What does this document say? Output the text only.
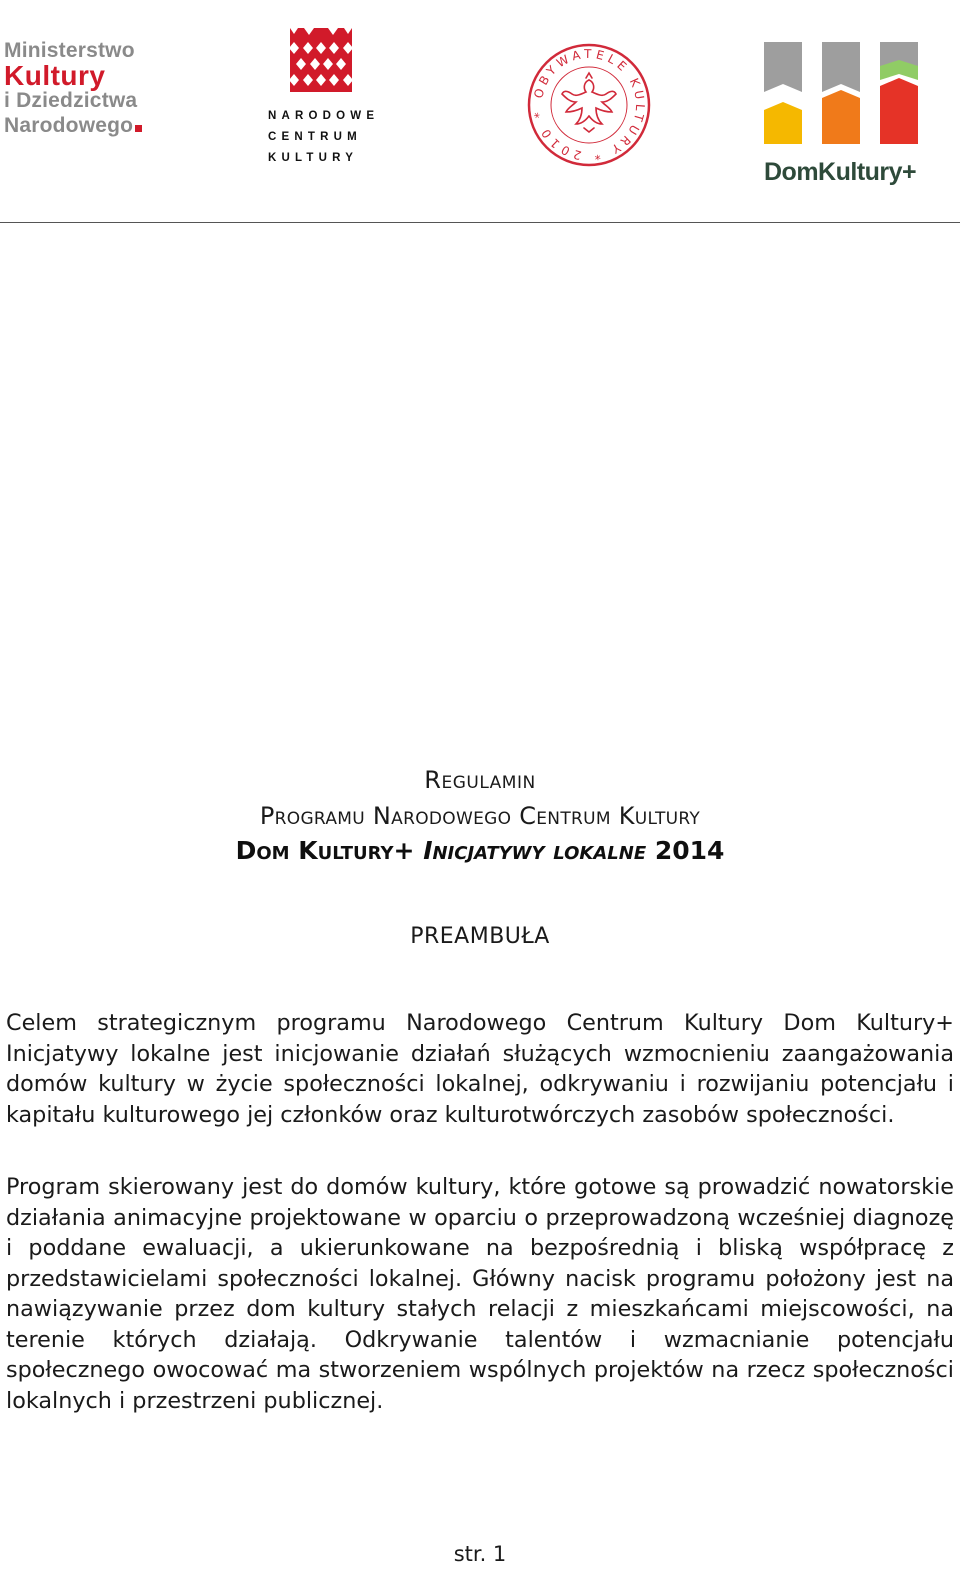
Ministerstwo
Kultury
i Dziedzictwa
Narodowego	NARODOWE
CENTRUM
KULTURY
OBYWATELE KULTURY * 2010 *
DomKultury+
Regulamin
Programu Narodowego Centrum Kultury
Dom Kultury+ Inicjatywy lokalne 2014
PREAMBUŁA

Celem strategicznym programu Narodowego Centrum Kultury Dom Kultury+ Inicjatywy lokalne jest inicjowanie działań służących wzmocnieniu zaangażowania domów kultury w życie społeczności lokalnej, odkrywaniu i rozwijaniu potencjału i kapitału kulturowego jej członków oraz kulturotwórczych zasobów społeczności.

Program skierowany jest do domów kultury, które gotowe są prowadzić nowatorskie działania animacyjne projektowane w oparciu o przeprowadzoną wcześniej diagnozę i poddane ewaluacji, a ukierunkowane na bezpośrednią i bliską współpracę z przedstawicielami społeczności lokalnej. Główny nacisk programu położony jest na nawiązywanie przez dom kultury stałych relacji z mieszkańcami miejscowości, na terenie których działają. Odkrywanie talentów i wzmacnianie potencjału społecznego owocować ma stworzeniem wspólnych projektów na rzecz społeczności lokalnych i przestrzeni publicznej.

str. 1
